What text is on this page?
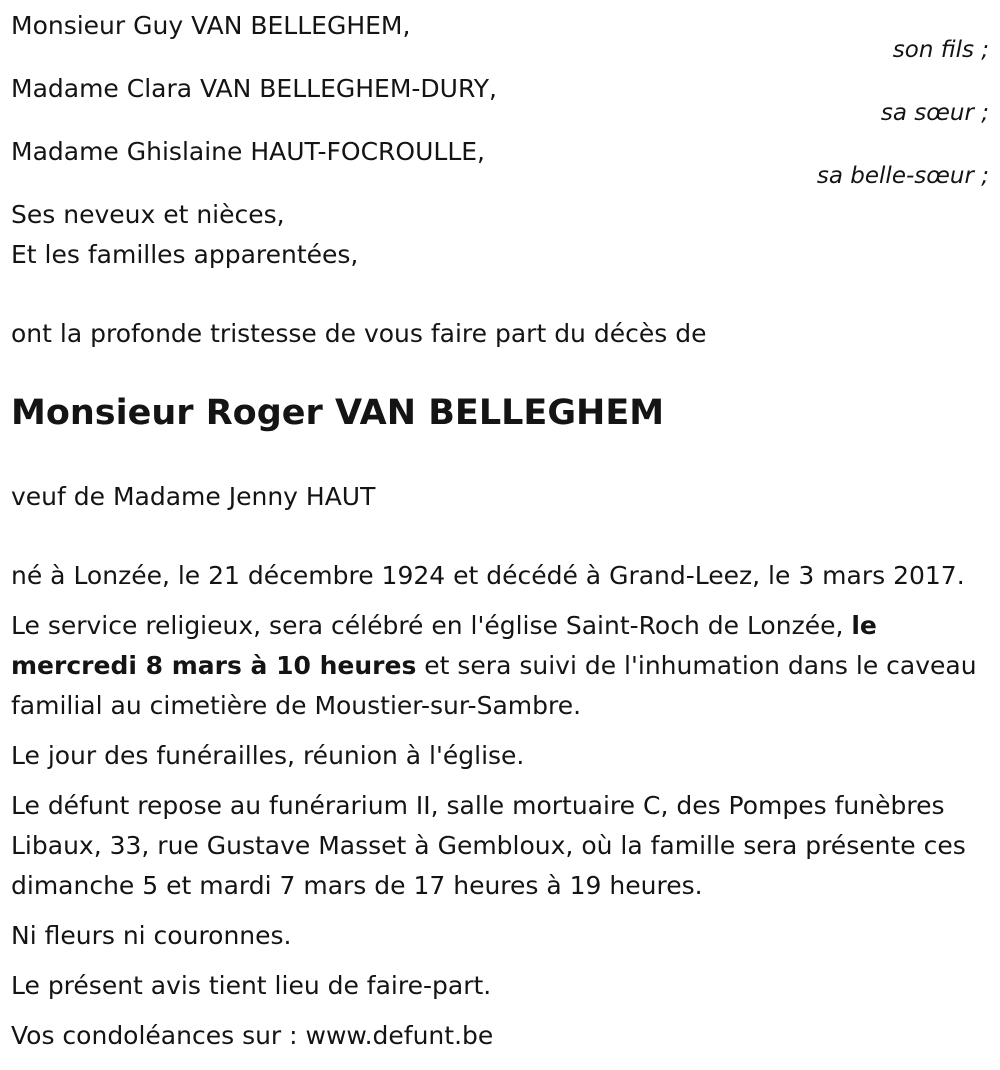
Monsieur Guy VAN BELLEGHEM,
son fils ;
Madame Clara VAN BELLEGHEM-DURY,
sa sœur ;
Madame Ghislaine HAUT-FOCROULLE,
sa belle-sœur ;
Ses neveux et nièces,
Et les familles apparentées,
ont la profonde tristesse de vous faire part du décès de
Monsieur Roger VAN BELLEGHEM
veuf de Madame Jenny HAUT
né à Lonzée, le 21 décembre 1924 et décédé à Grand-Leez, le 3 mars 2017.

Le service religieux, sera célébré en l'église Saint-Roch de Lonzée, le mercredi 8 mars à 10 heures et sera suivi de l'inhumation dans le caveau familial au cimetière de Moustier-sur-Sambre.

Le jour des funérailles, réunion à l'église.

Le défunt repose au funérarium II, salle mortuaire C, des Pompes funèbres Libaux, 33, rue Gustave Masset à Gembloux, où la famille sera présente ces dimanche 5 et mardi 7 mars de 17 heures à 19 heures.

Ni fleurs ni couronnes.

Le présent avis tient lieu de faire-part.

Vos condoléances sur : www.defunt.be
